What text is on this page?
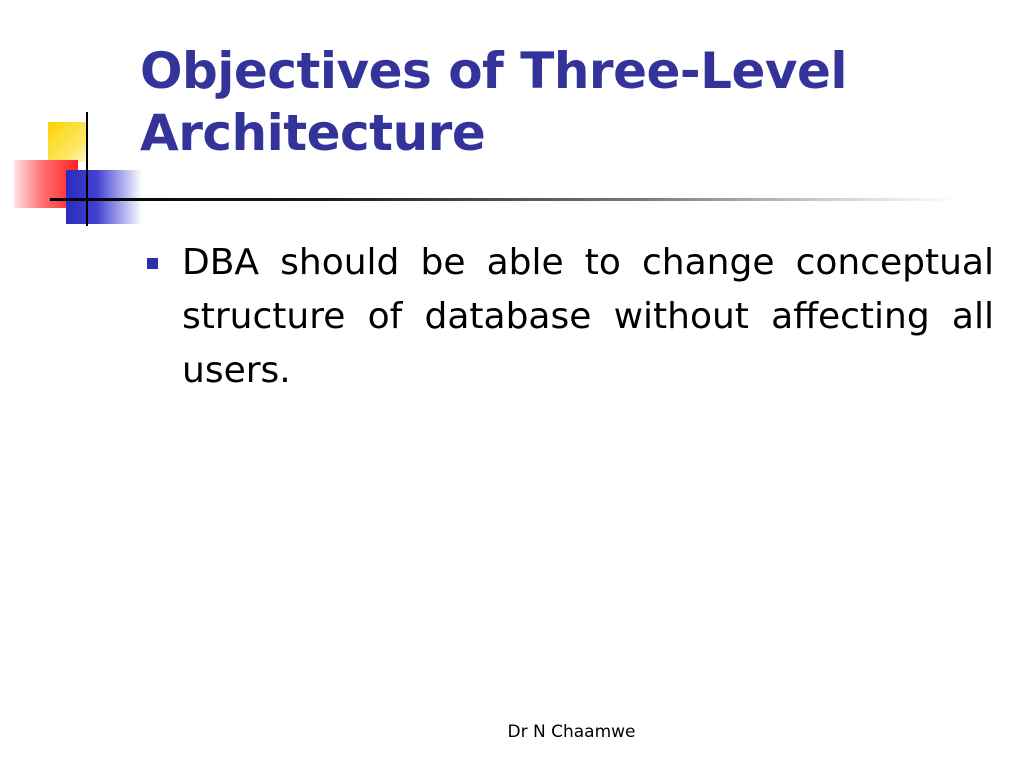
Objectives of Three-Level Architecture
DBA should be able to change conceptual structure of database without affecting all users.
Dr N Chaamwe
